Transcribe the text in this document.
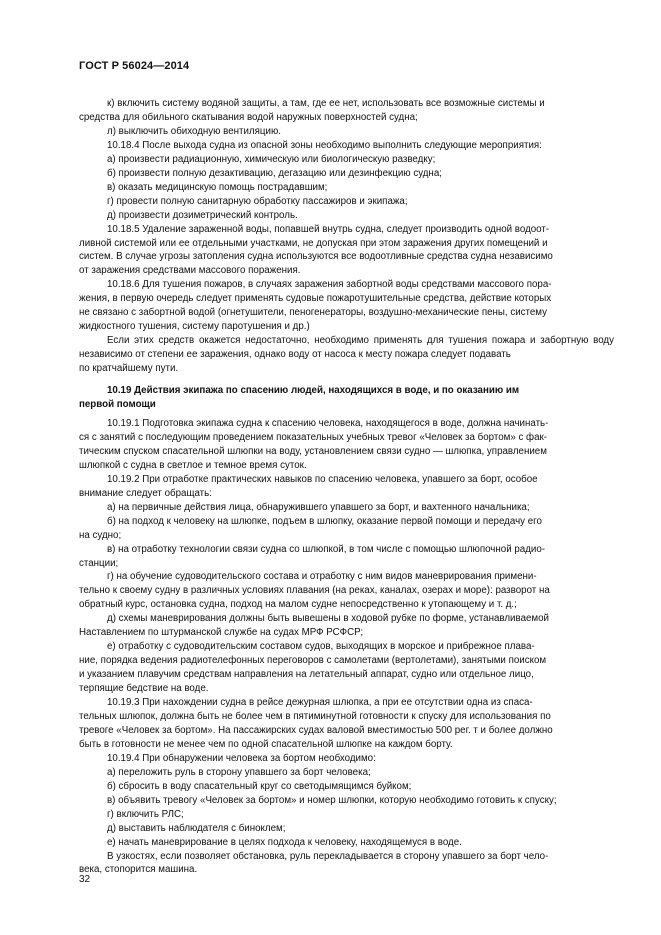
ГОСТ Р 56024—2014

к) включить систему водяной защиты, а там, где ее нет, использовать все возможные системы и
средства для обильного скатывания водой наружных поверхностей судна;

л) выключить обиходную вентиляцию.

10.18.4 После выхода судна из опасной зоны необходимо выполнить следующие мероприятия:

а) произвести радиационную, химическую или биологическую разведку;

б) произвести полную дезактивацию, дегазацию или дезинфекцию судна;

в) оказать медицинскую помощь пострадавшим;

г) провести полную санитарную обработку пассажиров и экипажа;

д) произвести дозиметрический контроль.

10.18.5 Удаление зараженной воды, попавшей внутрь судна, следует производить одной водоот-
ливной системой или ее отдельными участками, не допуская при этом заражения других помещений и
систем. В случае угрозы затопления судна используются все водоотливные средства судна независимо
от заражения средствами массового поражения.

10.18.6 Для тушения пожаров, в случаях заражения забортной воды средствами массового пора-
жения, в первую очередь следует применять судовые пожаротушительные средства, действие которых
не связано с забортной водой (огнетушители, пеногенераторы, воздушно-механические пены, систему
жидкостного тушения, систему паротушения и др.)

Если этих средств окажется недостаточно, необходимо применять для тушения пожара и забортную воду независимо от степени ее заражения, однако воду от насоса к месту пожара следует подавать
по кратчайшему пути.

10.19 Действия экипажа по спасению людей, находящихся в воде, и по оказанию им
первой помощи

10.19.1 Подготовка экипажа судна к спасению человека, находящегося в воде, должна начинать-
ся с занятий с последующим проведением показательных учебных тревог «Человек за бортом» с фак-
тическим спуском спасательной шлюпки на воду, установлением связи судно — шлюпка, управлением
шлюпкой с судна в светлое и темное время суток.

10.19.2 При отработке практических навыков по спасению человека, упавшего за борт, особое
внимание следует обращать:

а) на первичные действия лица, обнаружившего упавшего за борт, и вахтенного начальника;

б) на подход к человеку на шлюпке, подъем в шлюпку, оказание первой помощи и передачу его
на судно;

в) на отработку технологии связи судна со шлюпкой, в том числе с помощью шлюпочной радио-
станции;

г) на обучение судоводительского состава и отработку с ним видов маневрирования примени-
тельно к своему судну в различных условиях плавания (на реках, каналах, озерах и море): разворот на
обратный курс, остановка судна, подход на малом судне непосредственно к утопающему и т. д.;

д) схемы маневрирования должны быть вывешены в ходовой рубке по форме, устанавливаемой
Наставлением по штурманской службе на судах МРФ РСФСР;

е) отработку с судоводительским составом судов, выходящих в морское и прибрежное плава-
ние, порядка ведения радиотелефонных переговоров с самолетами (вертолетами), занятыми поиском
и указанием плавучим средствам направления на летательный аппарат, судно или отдельное лицо,
терпящие бедствие на воде.

10.19.3 При нахождении судна в рейсе дежурная шлюпка, а при ее отсутствии одна из спаса-
тельных шлюпок, должна быть не более чем в пятиминутной готовности к спуску для использования по
тревоге «Человек за бортом». На пассажирских судах валовой вместимостью 500 рег. т и более должно
быть в готовности не менее чем по одной спасательной шлюпке на каждом борту.

10.19.4 При обнаружении человека за бортом необходимо:

а) переложить руль в сторону упавшего за борт человека;

б) сбросить в воду спасательный круг со светодымящимся буйком;

в) объявить тревогу «Человек за бортом» и номер шлюпки, которую необходимо готовить к спуску;

г) включить РЛС;

д) выставить наблюдателя с биноклем;

е) начать маневрирование в целях подхода к человеку, находящемуся в воде.

В узкостях, если позволяет обстановка, руль перекладывается в сторону упавшего за борт чело-
века, стопорится машина.

32
